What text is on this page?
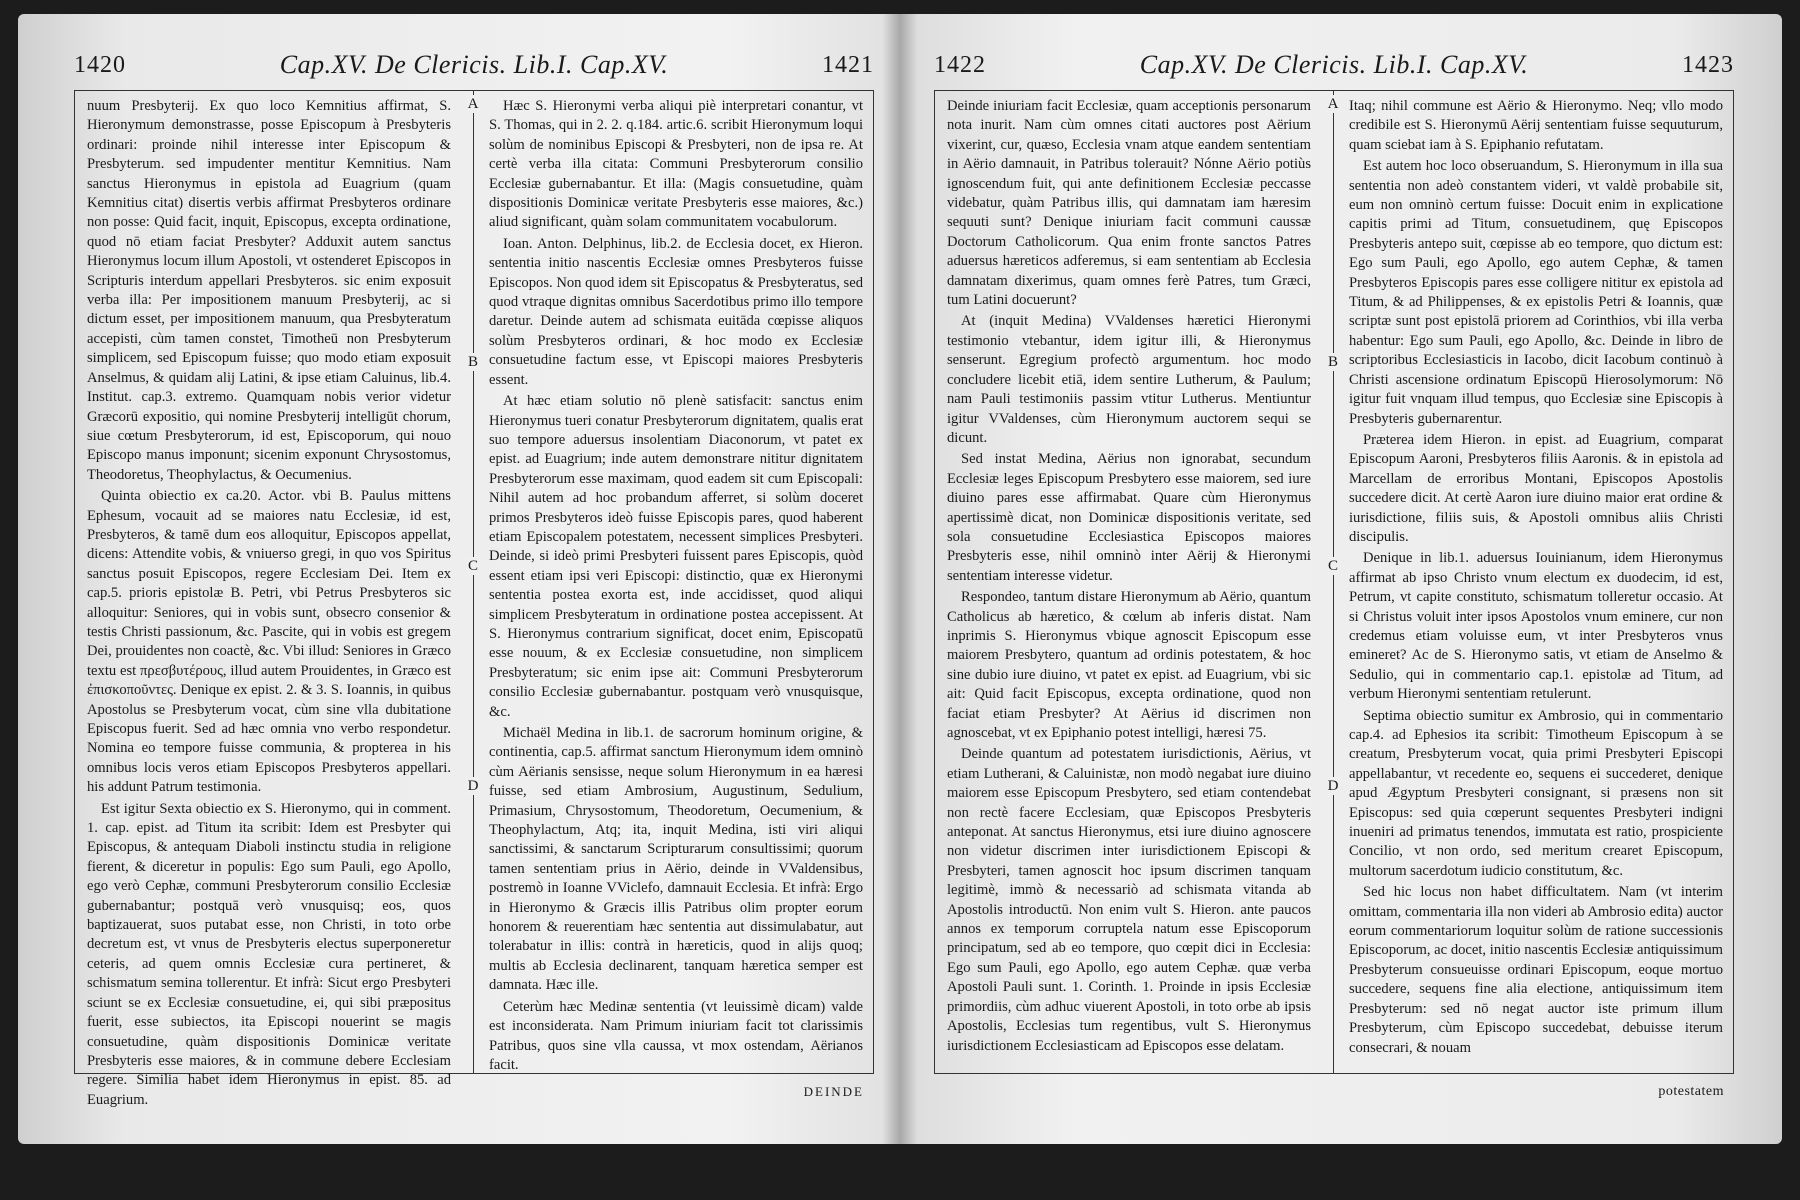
1420	Cap.XV. De Clericis. Lib.I. Cap.XV.	1421

nuum Presbyterij. Ex quo loco Kemnitius affirmat, S. Hieronymum demonstrasse, posse Episcopum à Presbyteris ordinari: proinde nihil interesse inter Episcopum & Presbyterum. sed impudenter mentitur Kemnitius. Nam sanctus Hieronymus in epistola ad Euagrium (quam Kemnitius citat) disertis verbis affirmat Presbyteros ordinare non posse: Quid facit, inquit, Episcopus, excepta ordinatione, quod nō etiam faciat Presbyter? Adduxit autem sanctus Hieronymus locum illum Apostoli, vt ostenderet Episcopos in Scripturis interdum appellari Presbyteros. sic enim exposuit verba illa: Per impositionem manuum Presbyterij, ac si dictum esset, per impositionem manuum, qua Presbyteratum accepisti, cùm tamen constet, Timotheū non Presbyterum simplicem, sed Episcopum fuisse; quo modo etiam exposuit Anselmus, & quidam alij Latini, & ipse etiam Caluinus, lib.4. Institut. cap.3. extremo. Quamquam nobis verior videtur Græcorū expositio, qui nomine Presbyterij intelligūt chorum, siue cœtum Presbyterorum, id est, Episcoporum, qui nouo Episcopo manus imponunt; sicenim exponunt Chrysostomus, Theodoretus, Theophylactus, & Oecumenius.

Quinta obiectio ex ca.20. Actor. vbi B. Paulus mittens Ephesum, vocauit ad se maiores natu Ecclesiæ, id est, Presbyteros, & tamē dum eos alloquitur, Episcopos appellat, dicens: Attendite vobis, & vniuerso gregi, in quo vos Spiritus sanctus posuit Episcopos, regere Ecclesiam Dei. Item ex cap.5. prioris epistolæ B. Petri, vbi Petrus Presbyteros sic alloquitur: Seniores, qui in vobis sunt, obsecro consenior & testis Christi passionum, &c. Pascite, qui in vobis est gregem Dei, prouidentes non coactè, &c. Vbi illud: Seniores in Græco textu est πρεσβυτέρους, illud autem Prouidentes, in Græco est ἐπισκοποῦντες. Denique ex epist. 2. & 3. S. Ioannis, in quibus Apostolus se Presbyterum vocat, cùm sine vlla dubitatione Episcopus fuerit. Sed ad hæc omnia vno verbo respondetur. Nomina eo tempore fuisse communia, & propterea in his omnibus locis veros etiam Episcopos Presbyteros appellari. his addunt Patrum testimonia.

Est igitur Sexta obiectio ex S. Hieronymo, qui in comment. 1. cap. epist. ad Titum ita scribit: Idem est Presbyter qui Episcopus, & antequam Diaboli instinctu studia in religione fierent, & diceretur in populis: Ego sum Pauli, ego Apollo, ego verò Cephæ, communi Presbyterorum consilio Ecclesiæ gubernabantur; postquā verò vnusquisq; eos, quos baptizauerat, suos putabat esse, non Christi, in toto orbe decretum est, vt vnus de Presbyteris electus superponeretur ceteris, ad quem omnis Ecclesiæ cura pertineret, & schismatum semina tollerentur. Et infrà: Sicut ergo Presbyteri sciunt se ex Ecclesiæ consuetudine, ei, qui sibi præpositus fuerit, esse subiectos, ita Episcopi nouerint se magis consuetudine, quàm dispositionis Dominicæ veritate Presbyteris esse maiores, & in commune debere Ecclesiam regere. Similia habet idem Hieronymus in epist. 85. ad Euagrium.

A
B
C
D

Hæc S. Hieronymi verba aliqui piè interpretari conantur, vt S. Thomas, qui in 2. 2. q.184. artic.6. scribit Hieronymum loqui solùm de nominibus Episcopi & Presbyteri, non de ipsa re. At certè verba illa citata: Communi Presbyterorum consilio Ecclesiæ gubernabantur. Et illa: (Magis consuetudine, quàm dispositionis Dominicæ veritate Presbyteris esse maiores, &c.) aliud significant, quàm solam communitatem vocabulorum.

Ioan. Anton. Delphinus, lib.2. de Ecclesia docet, ex Hieron. sententia initio nascentis Ecclesiæ omnes Presbyteros fuisse Episcopos. Non quod idem sit Episcopatus & Presbyteratus, sed quod vtraque dignitas omnibus Sacerdotibus primo illo tempore daretur. Deinde autem ad schismata euitāda cœpisse aliquos solùm Presbyteros ordinari, & hoc modo ex Ecclesiæ consuetudine factum esse, vt Episcopi maiores Presbyteris essent.

At hæc etiam solutio nō plenè satisfacit: sanctus enim Hieronymus tueri conatur Presbyterorum dignitatem, qualis erat suo tempore aduersus insolentiam Diaconorum, vt patet ex epist. ad Euagrium; inde autem demonstrare nititur dignitatem Presbyterorum esse maximam, quod eadem sit cum Episcopali: Nihil autem ad hoc probandum afferret, si solùm doceret primos Presbyteros ideò fuisse Episcopis pares, quod haberent etiam Episcopalem potestatem, necessent simplices Presbyteri. Deinde, si ideò primi Presbyteri fuissent pares Episcopis, quòd essent etiam ipsi veri Episcopi: distinctio, quæ ex Hieronymi sententia postea exorta est, inde accidisset, quod aliqui simplicem Presbyteratum in ordinatione postea accepissent. At S. Hieronymus contrarium significat, docet enim, Episcopatū esse nouum, & ex Ecclesiæ consuetudine, non simplicem Presbyteratum; sic enim ipse ait: Communi Presbyterorum consilio Ecclesiæ gubernabantur. postquam verò vnusquisque, &c.

Michaël Medina in lib.1. de sacrorum hominum origine, & continentia, cap.5. affirmat sanctum Hieronymum idem omninò cùm Aërianis sensisse, neque solum Hieronymum in ea hæresi fuisse, sed etiam Ambrosium, Augustinum, Sedulium, Primasium, Chrysostomum, Theodoretum, Oecumenium, & Theophylactum, Atq; ita, inquit Medina, isti viri aliqui sanctissimi, & sanctarum Scripturarum consultissimi; quorum tamen sententiam prius in Aërio, deinde in VValdensibus, postremò in Ioanne VViclefo, damnauit Ecclesia. Et infrà: Ergo in Hieronymo & Græcis illis Patribus olim propter eorum honorem & reuerentiam hæc sententia aut dissimulabatur, aut tolerabatur in illis: contrà in hæreticis, quod in alijs quoq; multis ab Ecclesia declinarent, tanquam hæretica semper est damnata. Hæc ille.

Ceterùm hæc Medinæ sententia (vt leuissimè dicam) valde est inconsiderata. Nam Primum iniuriam facit tot clarissimis Patribus, quos sine vlla caussa, vt mox ostendam, Aërianos facit.

DEINDE
1422	Cap.XV. De Clericis. Lib.I. Cap.XV.	1423

Deinde iniuriam facit Ecclesiæ, quam acceptionis personarum nota inurit. Nam cùm omnes citati auctores post Aërium vixerint, cur, quæso, Ecclesia vnam atque eandem sententiam in Aërio damnauit, in Patribus tolerauit? Nónne Aërio potiùs ignoscendum fuit, qui ante definitionem Ecclesiæ peccasse videbatur, quàm Patribus illis, qui damnatam iam hæresim sequuti sunt? Denique iniuriam facit communi caussæ Doctorum Catholicorum. Qua enim fronte sanctos Patres aduersus hæreticos adferemus, si eam sententiam ab Ecclesia damnatam dixerimus, quam omnes ferè Patres, tum Græci, tum Latini docuerunt?

At (inquit Medina) VValdenses hæretici Hieronymi testimonio vtebantur, idem igitur illi, & Hieronymus senserunt. Egregium profectò argumentum. hoc modo concludere licebit etiā, idem sentire Lutherum, & Paulum; nam Pauli testimoniis passim vtitur Lutherus. Mentiuntur igitur VValdenses, cùm Hieronymum auctorem sequi se dicunt.

Sed instat Medina, Aërius non ignorabat, secundum Ecclesiæ leges Episcopum Presbytero esse maiorem, sed iure diuino pares esse affirmabat. Quare cùm Hieronymus apertissimè dicat, non Dominicæ dispositionis veritate, sed sola consuetudine Ecclesiastica Episcopos maiores Presbyteris esse, nihil omninò inter Aërij & Hieronymi sententiam interesse videtur.

Respondeo, tantum distare Hieronymum ab Aërio, quantum Catholicus ab hæretico, & cœlum ab inferis distat. Nam inprimis S. Hieronymus vbique agnoscit Episcopum esse maiorem Presbytero, quantum ad ordinis potestatem, & hoc sine dubio iure diuino, vt patet ex epist. ad Euagrium, vbi sic ait: Quid facit Episcopus, excepta ordinatione, quod non faciat etiam Presbyter? At Aërius id discrimen non agnoscebat, vt ex Epiphanio potest intelligi, hæresi 75.

Deinde quantum ad potestatem iurisdictionis, Aërius, vt etiam Lutherani, & Caluinistæ, non modò negabat iure diuino maiorem esse Episcopum Presbytero, sed etiam contendebat non rectè facere Ecclesiam, quæ Episcopos Presbyteris anteponat. At sanctus Hieronymus, etsi iure diuino agnoscere non videtur discrimen inter iurisdictionem Episcopi & Presbyteri, tamen agnoscit hoc ipsum discrimen tanquam legitimè, immò & necessariò ad schismata vitanda ab Apostolis introductū. Non enim vult S. Hieron. ante paucos annos ex temporum corruptela natum esse Episcoporum principatum, sed ab eo tempore, quo cœpit dici in Ecclesia: Ego sum Pauli, ego Apollo, ego autem Cephæ. quæ verba Apostoli Pauli sunt. 1. Corinth. 1. Proinde in ipsis Ecclesiæ primordiis, cùm adhuc viuerent Apostoli, in toto orbe ab ipsis Apostolis, Ecclesias tum regentibus, vult S. Hieronymus iurisdictionem Ecclesiasticam ad Episcopos esse delatam.

A
B
C
D

Itaq; nihil commune est Aërio & Hieronymo. Neq; vllo modo credibile est S. Hieronymū Aërij sententiam fuisse sequuturum, quam sciebat iam à S. Epiphanio refutatam.

Est autem hoc loco obseruandum, S. Hieronymum in illa sua sententia non adeò constantem videri, vt valdè probabile sit, eum non omninò certum fuisse: Docuit enim in explicatione capitis primi ad Titum, consuetudinem, quę Episcopos Presbyteris antepo suit, cœpisse ab eo tempore, quo dictum est: Ego sum Pauli, ego Apollo, ego autem Cephæ, & tamen Presbyteros Episcopis pares esse colligere nititur ex epistola ad Titum, & ad Philippenses, & ex epistolis Petri & Ioannis, quæ scriptæ sunt post epistolā priorem ad Corinthios, vbi illa verba habentur: Ego sum Pauli, ego Apollo, &c. Deinde in libro de scriptoribus Ecclesiasticis in Iacobo, dicit Iacobum continuò à Christi ascensione ordinatum Episcopū Hierosolymorum: Nō igitur fuit vnquam illud tempus, quo Ecclesiæ sine Episcopis à Presbyteris gubernarentur.

Præterea idem Hieron. in epist. ad Euagrium, comparat Episcopum Aaroni, Presbyteros filiis Aaronis. & in epistola ad Marcellam de erroribus Montani, Episcopos Apostolis succedere dicit. At certè Aaron iure diuino maior erat ordine & iurisdictione, filiis suis, & Apostoli omnibus aliis Christi discipulis.

Denique in lib.1. aduersus Iouinianum, idem Hieronymus affirmat ab ipso Christo vnum electum ex duodecim, id est, Petrum, vt capite constituto, schismatum tolleretur occasio. At si Christus voluit inter ipsos Apostolos vnum eminere, cur non credemus etiam voluisse eum, vt inter Presbyteros vnus emineret? Ac de S. Hieronymo satis, vt etiam de Anselmo & Sedulio, qui in commentario cap.1. epistolæ ad Titum, ad verbum Hieronymi sententiam retulerunt.

Septima obiectio sumitur ex Ambrosio, qui in commentario cap.4. ad Ephesios ita scribit: Timotheum Episcopum à se creatum, Presbyterum vocat, quia primi Presbyteri Episcopi appellabantur, vt recedente eo, sequens ei succederet, denique apud Ægyptum Presbyteri consignant, si præsens non sit Episcopus: sed quia cœperunt sequentes Presbyteri indigni inueniri ad primatus tenendos, immutata est ratio, prospiciente Concilio, vt non ordo, sed meritum crearet Episcopum, multorum sacerdotum iudicio constitutum, &c.

Sed hic locus non habet difficultatem. Nam (vt interim omittam, commentaria illa non videri ab Ambrosio edita) auctor eorum commentariorum loquitur solùm de ratione successionis Episcoporum, ac docet, initio nascentis Ecclesiæ antiquissimum Presbyterum consueuisse ordinari Episcopum, eoque mortuo succedere, sequens fine alia electione, antiquissimum item Presbyterum: sed nō negat auctor iste primum illum Presbyterum, cùm Episcopo succedebat, debuisse iterum consecrari, & nouam

potestatem
